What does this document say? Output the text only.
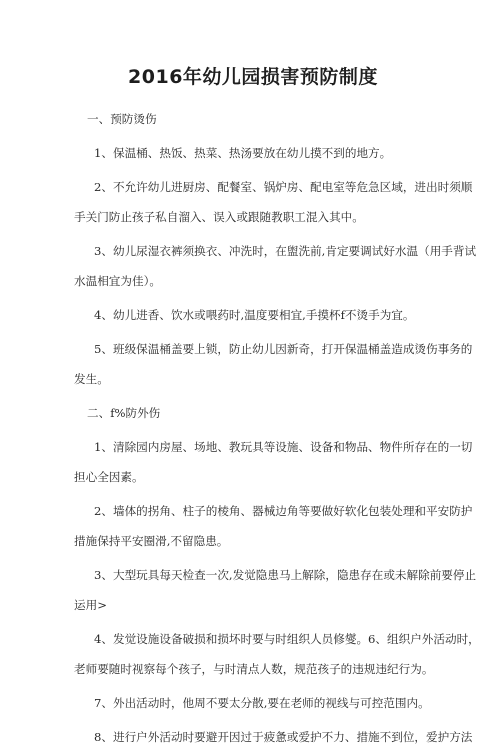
2016年幼儿园损害预防制度

一、预防烫伤

1、保温桶、热饭、热菜、热汤要放在幼儿摸不到的地方。

2、不允许幼儿进厨房、配餐室、锅炉房、配电室等危急区域，进出时须顺

手关门防止孩子私自溜入、误入或跟随教职工混入其中。

3、幼儿尿湿衣裤须换衣、冲洗时，在盥洗前,肯定要调试好水温（用手背试

水温相宜为佳）。

4、幼儿进香、饮水或喂药时,温度要相宜,手摸杯f不烫手为宜。

5、班级保温桶盖要上锁，防止幼儿因新奇，打开保温桶盖造成烫伤事务的

发生。

二、f%防外伤

1、清除园内房屋、场地、教玩具等设施、设备和物品、物件所存在的一切

担心全因素。

2、墙体的拐角、柱子的棱角、器械边角等要做好软化包装处理和平安防护

措施保持平安圈滑,不留隐患。

3、大型玩具每天检查一次,发觉隐患马上解除，隐患存在或未解除前要停止

运用>

4、发觉设施设备破损和损坏时要与时组织人员修燮。6、组织户外活动时，

老师要随时视察每个孩子，与时清点人数，规范孩子的违规违纪行为。

7、外出活动时，他周不要太分散,要在老师的视线与可控范围内。

8、进行户外活动时要避开因过于疲惫或爱护不力、措施不到位，爱护方法
